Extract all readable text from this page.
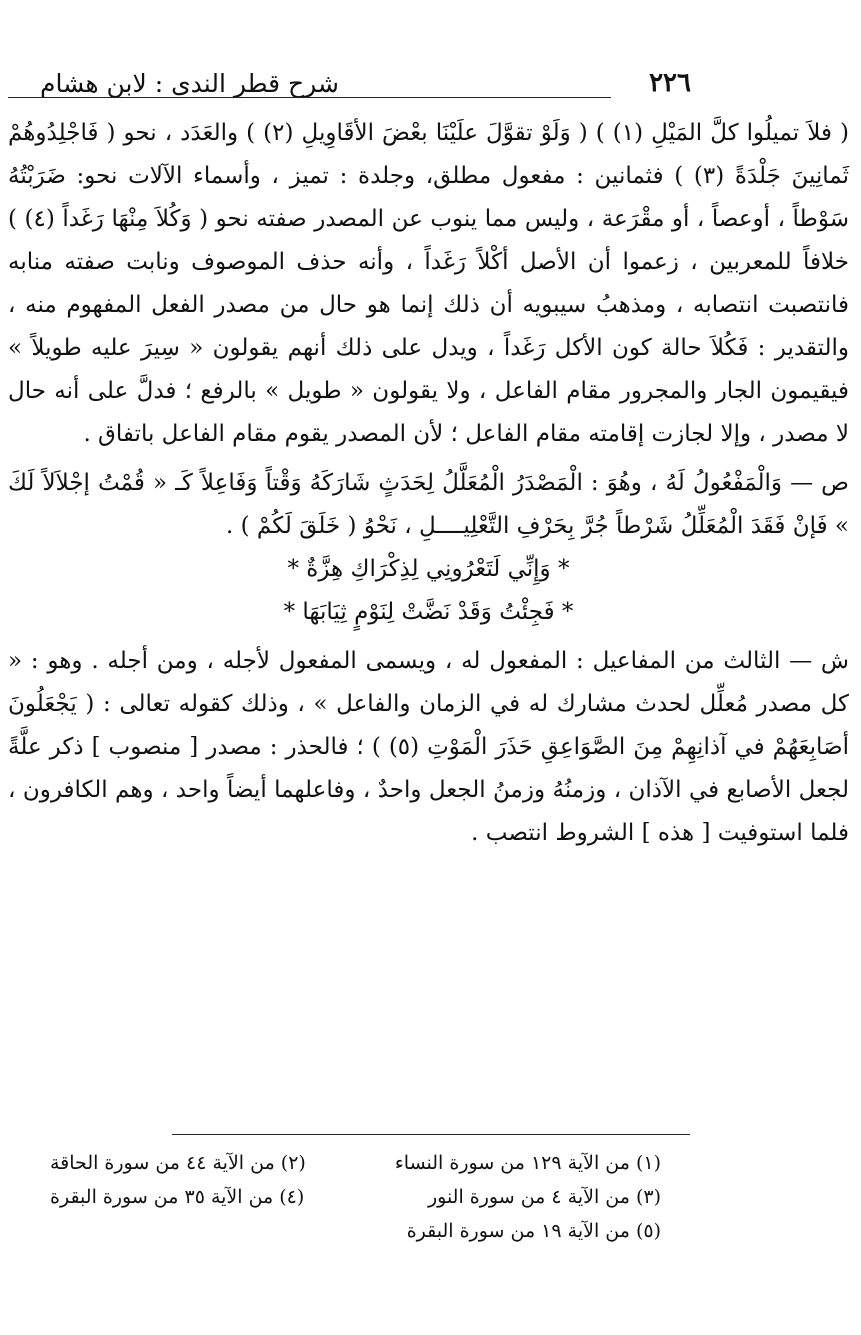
٢٢٦
شرح قطر الندى : لابن هشام

( فلاَ تميلُوا كلَّ المَيْلِ (١) ) ( وَلَوْ تقوَّلَ علَيْنَا بعْضَ الأقَاوِيلِ (٢) ) والعَدَد ، نحو ( فَاجْلِدُوهُمْ ثَمانِينَ جَلْدَةً (٣) ) فثمانين : مفعول مطلق، وجلدة : تميز ، وأسماء الآلات نحو: ضَرَبْتُهُ سَوْطاً ، أوعصاً ، أو مقْرَعة ، وليس مما ينوب عن المصدر صفته نحو ( وَكُلاَ مِنْهَا رَغَداً (٤) ) خلافاً للمعربين ، زعموا أن الأصل أكْلاً رَغَداً ، وأنه حذف الموصوف ونابت صفته منابه فانتصبت انتصابه ، ومذهبُ سيبويه أن ذلك إنما هو حال من مصدر الفعل المفهوم منه ، والتقدير : فَكُلاَ حالة كون الأكل رَغَداً ، ويدل على ذلك أنهم يقولون « سِيرَ عليه طويلاً » فيقيمون الجار والمجرور مقام الفاعل ، ولا يقولون « طويل » بالرفع ؛ فدلَّ على أنه حال لا مصدر ، وإلا لجازت إقامته مقام الفاعل ؛ لأن المصدر يقوم مقام الفاعل باتفاق .

ص — وَالْمَفْعُولُ لَهُ ، وهُوَ : الْمَصْدَرُ الْمُعَلَّلُ لِحَدَثٍ شَارَكَهُ وَقْتاً وَفَاعِلاً كَـ « قُمْتُ إجْلاَلاً لَكَ » فَإنْ فَقَدَ الْمُعَلِّلُ شَرْطاً جُرَّ بِحَرْفِ التَّعْلِيــــلِ ، نَحْوُ ( خَلَقَ لَكُمْ ) .

* وَإِنِّي لَتَعْرُونِي لِذِكْرَاكِ هِزَّةٌ *

* فَجِئْتُ وَقَدْ نَضَّتْ لِنَوْمٍ ثِيَابَهَا *

ش — الثالث من المفاعيل : المفعول له ، ويسمى المفعول لأجله ، ومن أجله . وهو : « كل مصدر مُعلِّل لحدث مشارك له في الزمان والفاعل » ، وذلك كقوله تعالى : ( يَجْعَلُونَ أصَابِعَهُمْ في آذانِهِمْ مِنَ الصَّوَاعِقِ حَذَرَ الْمَوْتِ (٥) ) ؛ فالحذر : مصدر [ منصوب ] ذكر علَّةً لجعل الأصابع في الآذان ، وزمنُهُ وزمنُ الجعل واحدٌ ، وفاعلهما أيضاً واحد ، وهم الكافرون ، فلما استوفيت [ هذه ] الشروط انتصب .

(١) من الآية ١٢٩ من سورة النساء
(٢) من الآية ٤٤ من سورة الحاقة
(٣) من الآية ٤ من سورة النور
(٤) من الآية ٣٥ من سورة البقرة
(٥) من الآية ١٩ من سورة البقرة
